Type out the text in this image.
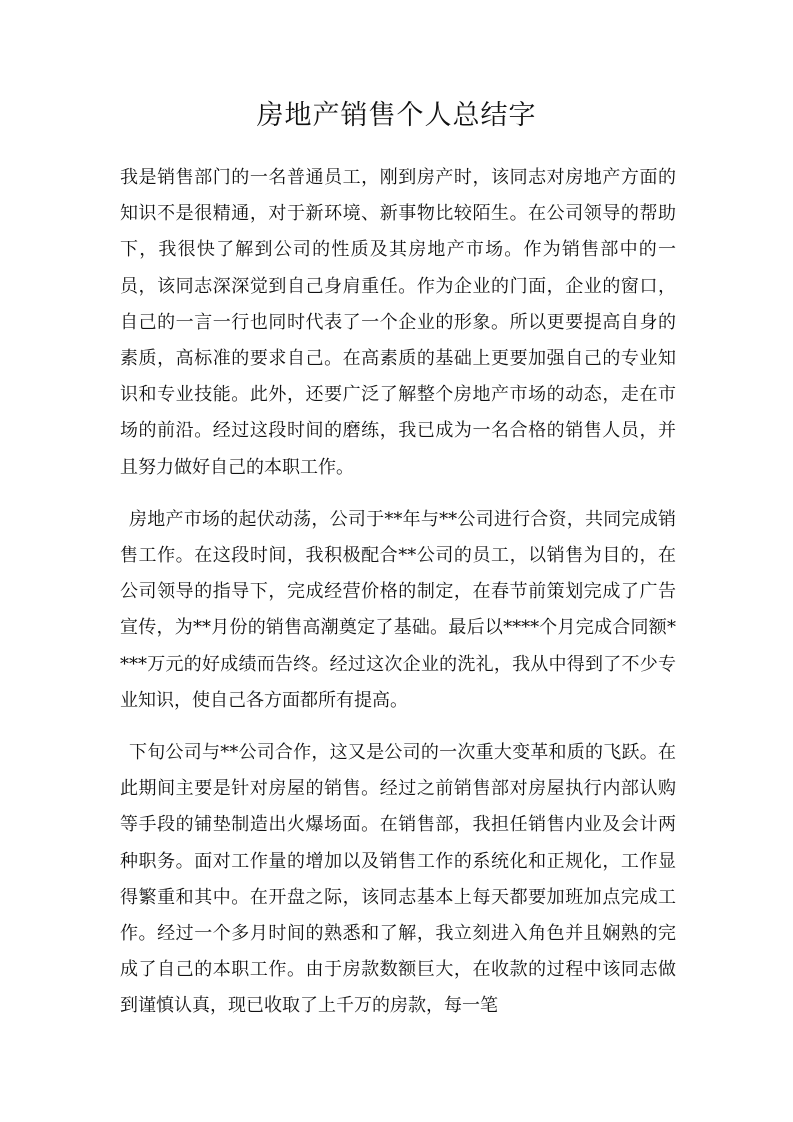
房地产销售个人总结字

我是销售部门的一名普通员工，刚到房产时，该同志对房地产方面的知识不是很精通，对于新环境、新事物比较陌生。在公司领导的帮助下，我很快了解到公司的性质及其房地产市场。作为销售部中的一员，该同志深深觉到自己身肩重任。作为企业的门面，企业的窗口，自己的一言一行也同时代表了一个企业的形象。所以更要提高自身的素质，高标准的要求自己。在高素质的基础上更要加强自己的专业知识和专业技能。此外，还要广泛了解整个房地产市场的动态，走在市场的前沿。经过这段时间的磨练，我已成为一名合格的销售人员，并且努力做好自己的本职工作。

房地产市场的起伏动荡，公司于**年与**公司进行合资，共同完成销售工作。在这段时间，我积极配合**公司的员工，以销售为目的，在公司领导的指导下，完成经营价格的制定，在春节前策划完成了广告宣传，为**月份的销售高潮奠定了基础。最后以****个月完成合同额****万元的好成绩而告终。经过这次企业的洗礼，我从中得到了不少专业知识，使自己各方面都所有提高。

下旬公司与**公司合作，这又是公司的一次重大变革和质的飞跃。在此期间主要是针对房屋的销售。经过之前销售部对房屋执行内部认购等手段的铺垫制造出火爆场面。在销售部，我担任销售内业及会计两种职务。面对工作量的增加以及销售工作的系统化和正规化，工作显得繁重和其中。在开盘之际，该同志基本上每天都要加班加点完成工作。经过一个多月时间的熟悉和了解，我立刻进入角色并且娴熟的完成了自己的本职工作。由于房款数额巨大，在收款的过程中该同志做到谨慎认真，现已收取了上千万的房款，每一笔
